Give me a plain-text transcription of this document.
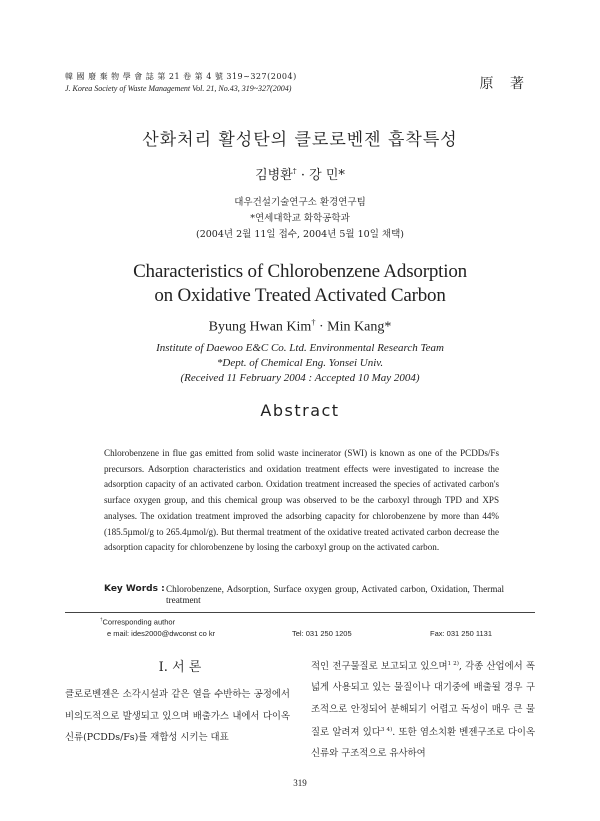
韓 國 廢 棄 物 學 會 誌 第 21 卷 第 4 號 319~327(2004)
J. Korea Society of Waste Management Vol. 21, No.43, 319~327(2004)	原 著
산화처리 활성탄의 클로로벤젠 흡착특성
김병환† · 강 민*
대우건설기술연구소 환경연구팀
*연세대학교 화학공학과
(2004년 2월 11일 접수, 2004년 5월 10일 채택)
Characteristics of Chlorobenzene Adsorption
on Oxidative Treated Activated Carbon
Byung Hwan Kim† · Min Kang*
Institute of Daewoo E&C Co. Ltd. Environmental Research Team
*Dept. of Chemical Eng. Yonsei Univ.
(Received 11 February 2004 : Accepted 10 May 2004)
Abstract
Chlorobenzene in flue gas emitted from solid waste incinerator (SWI) is known as one of the PCDDs/Fs precursors. Adsorption characteristics and oxidation treatment effects were investigated to increase the adsorption capacity of an activated carbon. Oxidation treatment increased the species of activated carbon's surface oxygen group, and this chemical group was observed to be the carboxyl through TPD and XPS analyses. The oxidation treatment improved the adsorbing capacity for chlorobenzene by more than 44% (185.5µmol/g to 265.4µmol/g). But thermal treatment of the oxidative treated activated carbon decrease the adsorption capacity for chlorobenzene by losing the carboxyl group on the activated carbon.
Key Words : Chlorobenzene, Adsorption, Surface oxygen group, Activated carbon, Oxidation, Thermal treatment
†Corresponding author
e mail: ides2000@dwconst co kr	Tel: 031 250 1205	Fax: 031 250 1131
Ⅰ. 서 론
클로로벤젠은 소각시설과 같은 열을 수반하는 공정에서 비의도적으로 발생되고 있으며 배출가스 내에서 다이옥신류(PCDDs/Fs)를 재합성 시키는 대표
적인 전구물질로 보고되고 있으며$^{1 2)}$, 각종 산업에서 폭넓게 사용되고 있는 물질이나 대기중에 배출될 경우 구조적으로 안정되어 분해되기 어렵고 독성이 매우 큰 물질로 알려져 있다$^{3 4)}$. 또한 염소치환 벤젠구조로 다이옥신류와 구조적으로 유사하여
319
